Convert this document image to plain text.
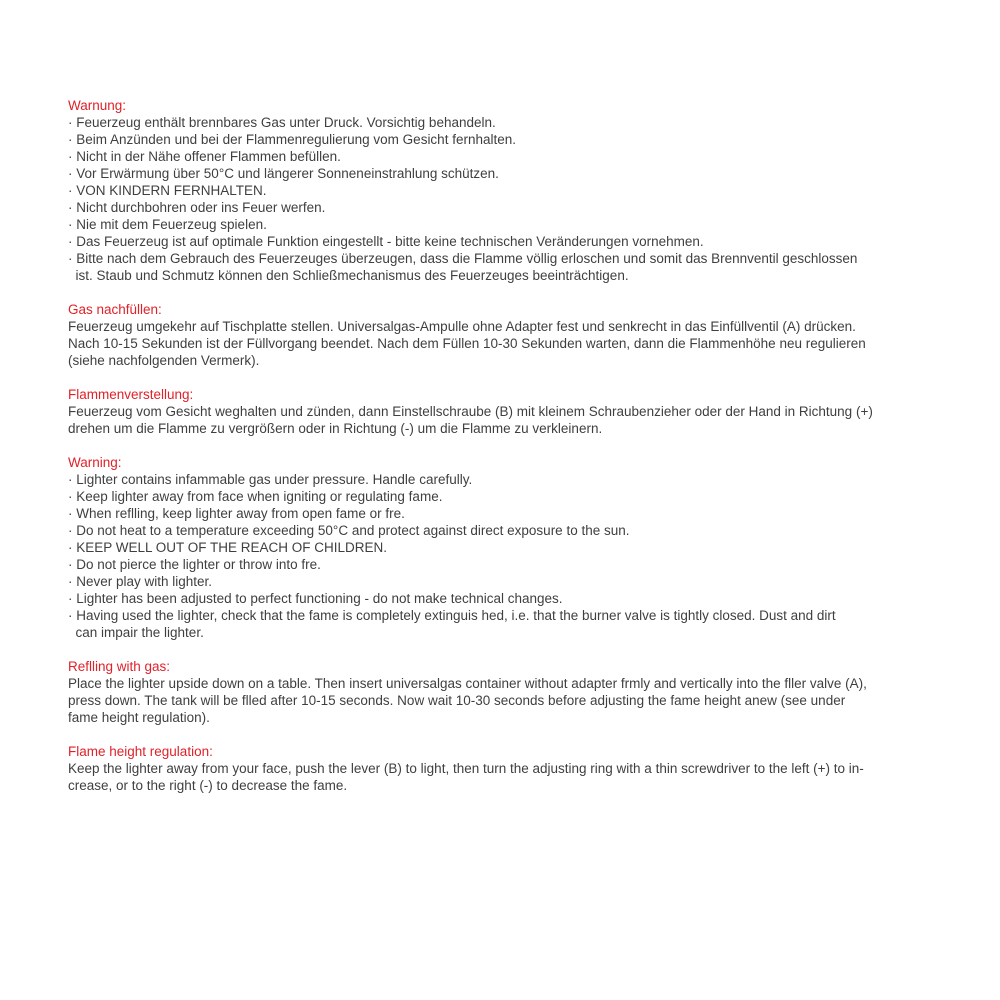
Warnung:
· Feuerzeug enthält brennbares Gas unter Druck. Vorsichtig behandeln.
· Beim Anzünden und bei der Flammenregulierung vom Gesicht fernhalten.
· Nicht in der Nähe offener Flammen befüllen.
· Vor Erwärmung über 50°C und längerer Sonneneinstrahlung schützen.
· VON KINDERN FERNHALTEN.
· Nicht durchbohren oder ins Feuer werfen.
· Nie mit dem Feuerzeug spielen.
· Das Feuerzeug ist auf optimale Funktion eingestellt - bitte keine technischen Veränderungen vornehmen.
· Bitte nach dem Gebrauch des Feuerzeuges überzeugen, dass die Flamme völlig erloschen und somit das Brennventil geschlossen
ist. Staub und Schmutz können den Schließmechanismus des Feuerzeuges beeinträchtigen.
Gas nachfüllen:
Feuerzeug umgekehr auf Tischplatte stellen. Universalgas-Ampulle ohne Adapter fest und senkrecht in das Einfüllventil (A) drücken.
Nach 10-15 Sekunden ist der Füllvorgang beendet. Nach dem Füllen 10-30 Sekunden warten, dann die Flammenhöhe neu regulieren
(siehe nachfolgenden Vermerk).
Flammenverstellung:
Feuerzeug vom Gesicht weghalten und zünden, dann Einstellschraube (B) mit kleinem Schraubenzieher oder der Hand in Richtung (+)
drehen um die Flamme zu vergrößern oder in Richtung (-) um die Flamme zu verkleinern.
Warning:
· Lighter contains infammable gas under pressure. Handle carefully.
· Keep lighter away from face when igniting or regulating fame.
· When reflling, keep lighter away from open fame or fre.
· Do not heat to a temperature exceeding 50°C and protect against direct exposure to the sun.
· KEEP WELL OUT OF THE REACH OF CHILDREN.
· Do not pierce the lighter or throw into fre.
· Never play with lighter.
· Lighter has been adjusted to perfect functioning - do not make technical changes.
· Having used the lighter, check that the fame is completely extinguis hed, i.e. that the burner valve is tightly closed. Dust and dirt
can impair the lighter.
Reflling with gas:
Place the lighter upside down on a table. Then insert universalgas container without adapter frmly and vertically into the fller valve (A),
press down. The tank will be flled after 10-15 seconds. Now wait 10-30 seconds before adjusting the fame height anew (see under
fame height regulation).
Flame height regulation:
Keep the lighter away from your face, push the lever (B) to light, then turn the adjusting ring with a thin screwdriver to the left (+) to in-
crease, or to the right (-) to decrease the fame.
